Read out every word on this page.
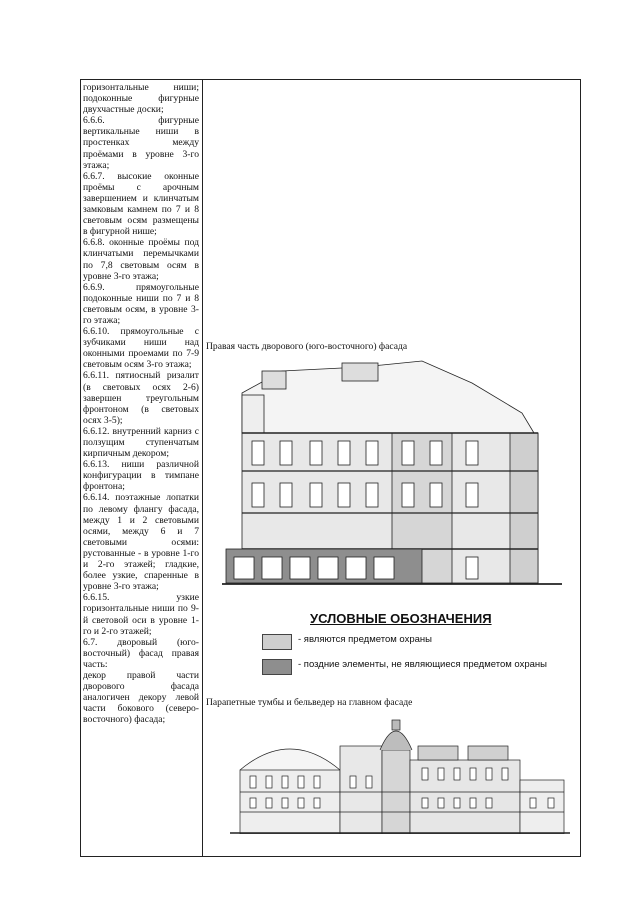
горизонтальные ниши; подоконные фигурные двухчастные доски;

6.6.6. фигурные вертикальные ниши в простенках между проёмами в уровне 3-го этажа;

6.6.7. высокие оконные проёмы с арочным завершением и клинчатым замковым камнем по 7 и 8 световым осям размещены в фигурной нише;

6.6.8. оконные проёмы под клинчатыми перемычками по 7,8 световым осям в уровне 3-го этажа;

6.6.9. прямоугольные подоконные ниши по 7 и 8 световым осям, в уровне 3-го этажа;

6.6.10. прямоугольные с зубчиками ниши над оконными проемами по 7-9 световым осям 3-го этажа;

6.6.11. пятиосный ризалит (в световых осях 2-6) завершен треугольным фронтоном (в световых осях 3-5);

6.6.12. внутренний карниз с ползущим ступенчатым кирпичным декором;

6.6.13. ниши различной конфигурации в тимпане фронтона;

6.6.14. поэтажные лопатки по левому флангу фасада, между 1 и 2 световыми осями, между 6 и 7 световыми осями: рустованные - в уровне 1-го и 2-го этажей; гладкие, более узкие, спаренные в уровне 3-го этажа;

6.6.15. узкие горизонтальные ниши по 9-й световой оси в уровне 1-го и 2-го этажей;

6.7. дворовый (юго-восточный) фасад правая часть:

декор правой части дворового фасада аналогичен декору левой части бокового (северо-восточного) фасада;

Правая часть дворового (юго-восточного) фасада
УСЛОВНЫЕ ОБОЗНАЧЕНИЯ
- являются предметом охраны
- поздние элементы, не являющиеся предметом охраны
Парапетные тумбы и бельведер на главном фасаде
